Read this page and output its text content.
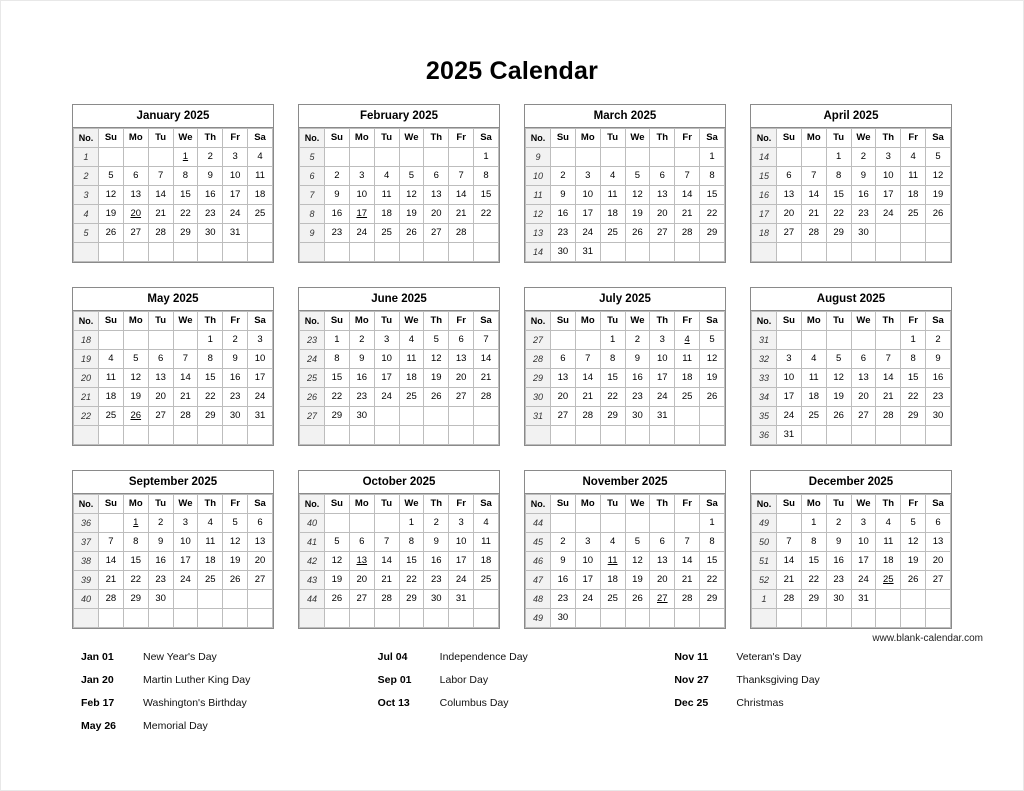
2025 Calendar
January 2025
No.	Su	Mo	Tu	We	Th	Fr	Sa
1				1	2	3	4
2	5	6	7	8	9	10	11
3	12	13	14	15	16	17	18
4	19	20	21	22	23	24	25
5	26	27	28	29	30	31	

February 2025
No.	Su	Mo	Tu	We	Th	Fr	Sa
5							1
6	2	3	4	5	6	7	8
7	9	10	11	12	13	14	15
8	16	17	18	19	20	21	22
9	23	24	25	26	27	28	

March 2025
No.	Su	Mo	Tu	We	Th	Fr	Sa
9							1
10	2	3	4	5	6	7	8
11	9	10	11	12	13	14	15
12	16	17	18	19	20	21	22
13	23	24	25	26	27	28	29
14	30	31					
April 2025
No.	Su	Mo	Tu	We	Th	Fr	Sa
14			1	2	3	4	5
15	6	7	8	9	10	11	12
16	13	14	15	16	17	18	19
17	20	21	22	23	24	25	26
18	27	28	29	30			

May 2025
No.	Su	Mo	Tu	We	Th	Fr	Sa
18					1	2	3
19	4	5	6	7	8	9	10
20	11	12	13	14	15	16	17
21	18	19	20	21	22	23	24
22	25	26	27	28	29	30	31

June 2025
No.	Su	Mo	Tu	We	Th	Fr	Sa
23	1	2	3	4	5	6	7
24	8	9	10	11	12	13	14
25	15	16	17	18	19	20	21
26	22	23	24	25	26	27	28
27	29	30					

July 2025
No.	Su	Mo	Tu	We	Th	Fr	Sa
27			1	2	3	4	5
28	6	7	8	9	10	11	12
29	13	14	15	16	17	18	19
30	20	21	22	23	24	25	26
31	27	28	29	30	31		

August 2025
No.	Su	Mo	Tu	We	Th	Fr	Sa
31						1	2
32	3	4	5	6	7	8	9
33	10	11	12	13	14	15	16
34	17	18	19	20	21	22	23
35	24	25	26	27	28	29	30
36	31						
September 2025
No.	Su	Mo	Tu	We	Th	Fr	Sa
36		1	2	3	4	5	6
37	7	8	9	10	11	12	13
38	14	15	16	17	18	19	20
39	21	22	23	24	25	26	27
40	28	29	30				

October 2025
No.	Su	Mo	Tu	We	Th	Fr	Sa
40				1	2	3	4
41	5	6	7	8	9	10	11
42	12	13	14	15	16	17	18
43	19	20	21	22	23	24	25
44	26	27	28	29	30	31	

November 2025
No.	Su	Mo	Tu	We	Th	Fr	Sa
44							1
45	2	3	4	5	6	7	8
46	9	10	11	12	13	14	15
47	16	17	18	19	20	21	22
48	23	24	25	26	27	28	29
49	30						
December 2025
No.	Su	Mo	Tu	We	Th	Fr	Sa
49		1	2	3	4	5	6
50	7	8	9	10	11	12	13
51	14	15	16	17	18	19	20
52	21	22	23	24	25	26	27
1	28	29	30	31			

www.blank-calendar.com
Jan 01	New Year's Day
Jan 20	Martin Luther King Day
Feb 17	Washington's Birthday
May 26	Memorial Day
Jul 04	Independence Day
Sep 01	Labor Day
Oct 13	Columbus Day
Nov 11	Veteran's Day
Nov 27	Thanksgiving Day
Dec 25	Christmas
